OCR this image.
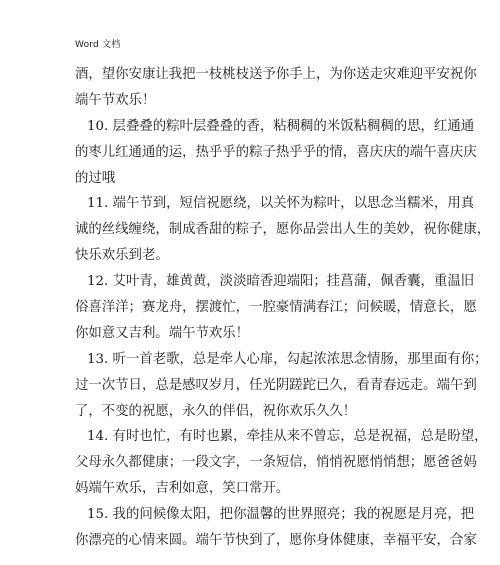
Word 文档
酒，望你安康让我把一枝桃枝送予你手上，为你送走灾难迎平安祝你
端午节欢乐！
10. 层叠叠的粽叶层叠叠的香，粘稠稠的米饭粘稠稠的思，红通通
的枣儿红通通的运，热乎乎的粽子热乎乎的情，喜庆庆的端午喜庆庆
的过哦
11. 端午节到，短信祝愿绕，以关怀为粽叶，以思念当糯米，用真
诚的丝线缠绕，制成香甜的粽子，愿你品尝出人生的美妙，祝你健康，
快乐欢乐到老。
12. 艾叶青，雄黄黄，淡淡暗香迎端阳；挂菖蒲，佩香囊，重温旧
俗喜洋洋；赛龙舟，摆渡忙，一腔豪情满春江；问候暖，情意长，愿
你如意又吉利。端午节欢乐！
13. 听一首老歌，总是牵人心扉，勾起浓浓思念情肠，那里面有你；
过一次节日，总是感叹岁月，任光阴蹉跎已久，看青春远走。端午到
了，不变的祝愿，永久的伴侣，祝你欢乐久久！
14. 有时也忙，有时也累，牵挂从来不曾忘，总是祝福，总是盼望，
父母永久都健康；一段文字，一条短信，悄悄祝愿悄悄想；愿爸爸妈
妈端午欢乐，吉利如意，笑口常开。
15. 我的问候像太阳，把你温馨的世界照亮；我的祝愿是月亮，把
你漂亮的心情来圆。端午节快到了，愿你身体健康，幸福平安，合家
